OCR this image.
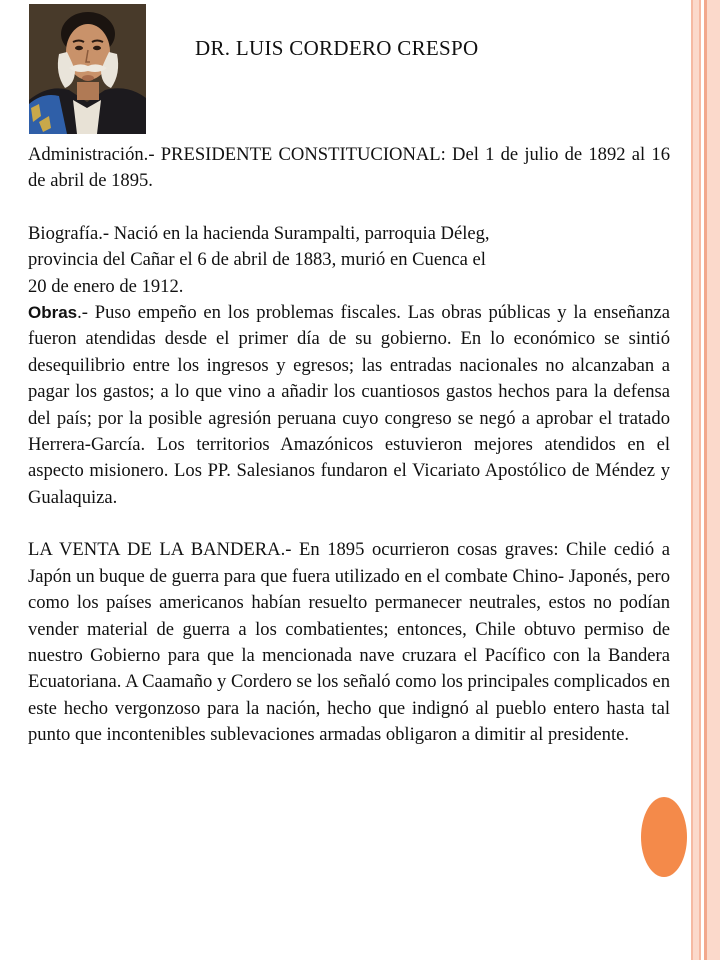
DR. LUIS CORDERO CRESPO

Administración.- PRESIDENTE CONSTITUCIONAL: Del 1 de julio de 1892 al 16 de abril de 1895.

Biografía.- Nació en la hacienda Surampalti, parroquia Déleg,

provincia del Cañar el 6 de abril de 1883, murió en Cuenca el

20 de enero de 1912.

Obras.- Puso empeño en los problemas fiscales. Las obras públicas y la enseñanza fueron atendidas desde el primer día de su gobierno. En lo económico se sintió desequilibrio entre los ingresos y egresos; las entradas nacionales no alcanzaban a pagar los gastos; a lo que vino a añadir los cuantiosos gastos hechos para la defensa del país; por la posible agresión peruana cuyo congreso se negó a aprobar el tratado Herrera-García. Los territorios Amazónicos estuvieron mejores atendidos en el aspecto misionero. Los PP. Salesianos fundaron el Vicariato Apostólico de Méndez y Gualaquiza.

LA VENTA DE LA BANDERA.- En 1895 ocurrieron cosas graves: Chile cedió a Japón un buque de guerra para que fuera utilizado en el combate Chino- Japonés, pero como los países americanos habían resuelto permanecer neutrales, estos no podían vender material de guerra a los combatientes; entonces, Chile obtuvo permiso de nuestro Gobierno para que la mencionada nave cruzara el Pacífico con la Bandera Ecuatoriana. A Caamaño y Cordero se los señaló como los principales complicados en este hecho vergonzoso para la nación, hecho que indignó al pueblo entero hasta tal punto que incontenibles sublevaciones armadas obligaron a dimitir al presidente.
